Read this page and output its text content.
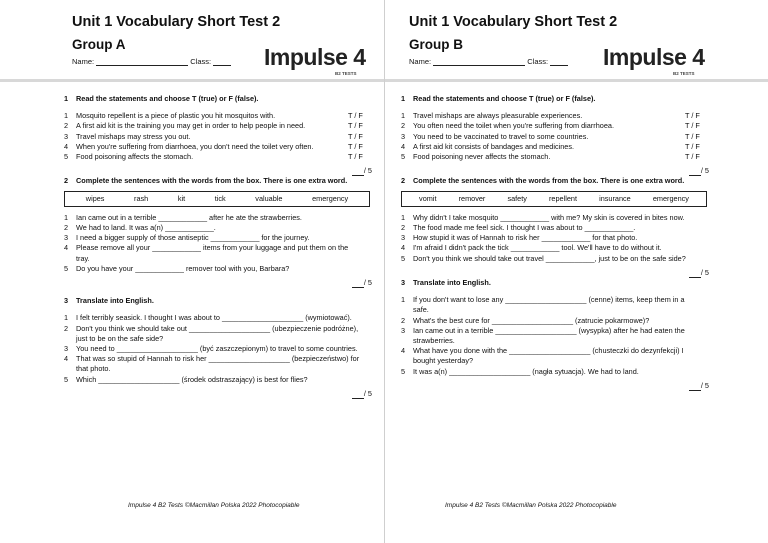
Unit 1 Vocabulary Short Test 2
Group A
Name:	Class:	Impulse 4
B2 TESTS
1	Read the statements and choose T (true) or F (false).
1	Mosquito repellent is a piece of plastic you hit mosquitos with.	T / F
2	A first aid kit is the training you may get in order to help people in need.	T / F
3	Travel mishaps may stress you out.	T / F
4	When you're suffering from diarrhoea, you don't need the toilet very often.	T / F
5	Food poisoning affects the stomach.	T / F
/ 5
2	Complete the sentences with the words from the box. There is one extra word.
wipes	rash	kit	tick	valuable	emergency
1	Ian came out in a terrible ____________ after he ate the strawberries.
2	We had to land. It was a(n) ____________.
3	I need a bigger supply of those antiseptic ____________ for the journey.
4	Please remove all your ____________ items from your luggage and put them on the tray.
5	Do you have your ____________ remover tool with you, Barbara?
/ 5
3	Translate into English.
1	I felt terribly seasick. I thought I was about to ____________________ (wymiotować).
2	Don't you think we should take out ____________________ (ubezpieczenie podróżne), just to be on the safe side?
3	You need to ____________________ (być zaszczepionym) to travel to some countries.
4	That was so stupid of Hannah to risk her ____________________ (bezpieczeństwo) for that photo.
5	Which ____________________ (środek odstraszający) is best for flies?
/ 5
Impulse 4 B2 Tests ©Macmillan Polska 2022 Photocopiable
Unit 1 Vocabulary Short Test 2
Group B
Name:	Class:	Impulse 4
B2 TESTS
1	Read the statements and choose T (true) or F (false).
1	Travel mishaps are always pleasurable experiences.	T / F
2	You often need the toilet when you're suffering from diarrhoea.	T / F
3	You need to be vaccinated to travel to some countries.	T / F
4	A first aid kit consists of bandages and medicines.	T / F
5	Food poisoning never affects the stomach.	T / F
/ 5
2	Complete the sentences with the words from the box. There is one extra word.
vomit	remover	safety	repellent	insurance	emergency
1	Why didn't I take mosquito ____________ with me? My skin is covered in bites now.
2	The food made me feel sick. I thought I was about to ____________.
3	How stupid it was of Hannah to risk her ____________ for that photo.
4	I'm afraid I didn't pack the tick ____________ tool. We'll have to do without it.
5	Don't you think we should take out travel ____________, just to be on the safe side?
/ 5
3	Translate into English.
1	If you don't want to lose any ____________________ (cenne) items, keep them in a safe.
2	What's the best cure for ____________________ (zatrucie pokarmowe)?
3	Ian came out in a terrible ____________________ (wysypka) after he had eaten the strawberries.
4	What have you done with the ____________________ (chusteczki do dezynfekcji) I bought yesterday?
5	It was a(n) ____________________ (nagła sytuacja). We had to land.
/ 5
Impulse 4 B2 Tests ©Macmillan Polska 2022 Photocopiable
